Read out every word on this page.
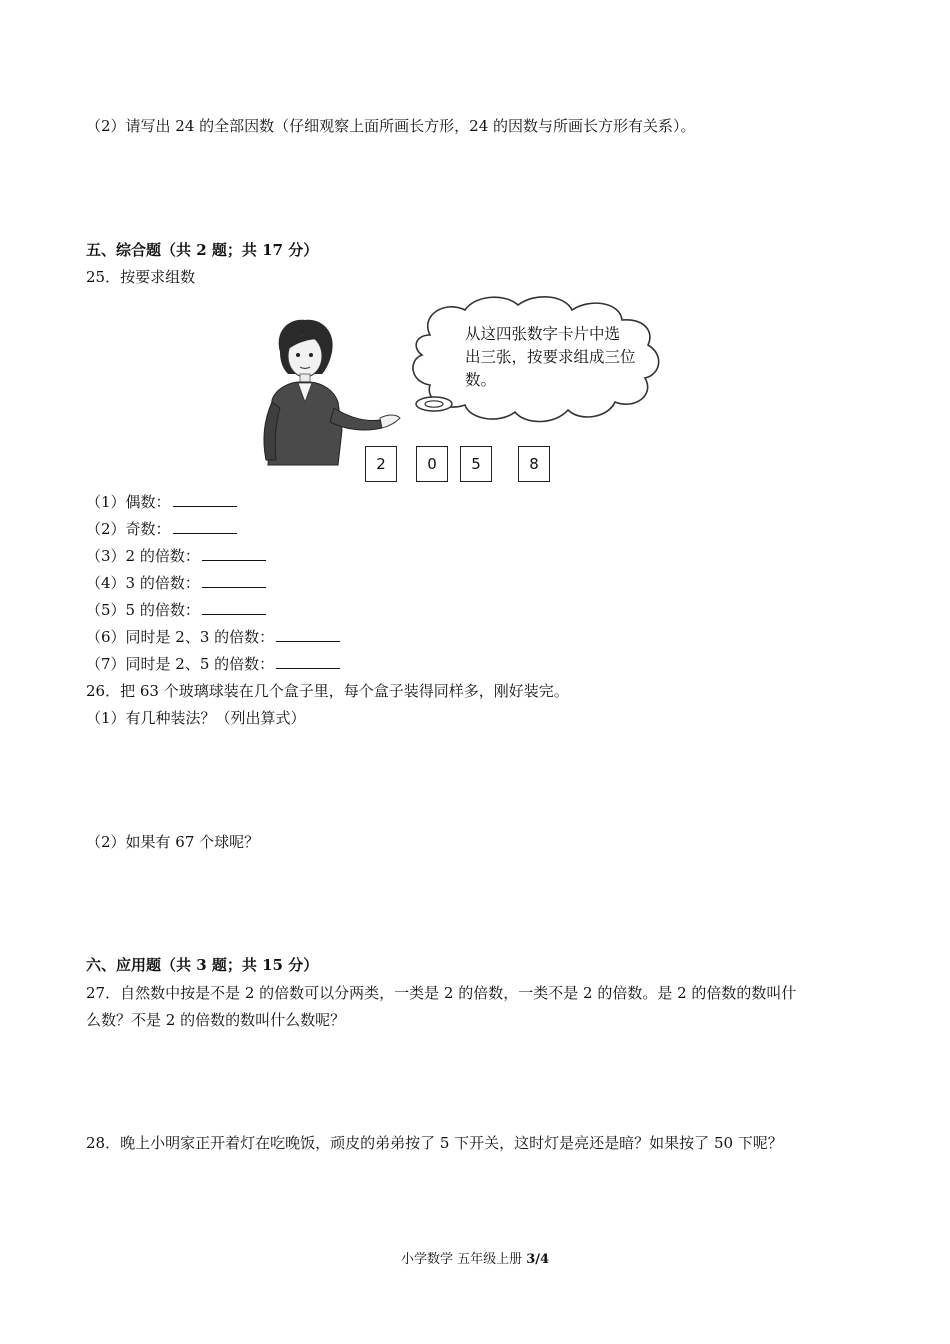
（2）请写出 24 的全部因数（仔细观察上面所画长方形，24 的因数与所画长方形有关系）。
五、综合题（共 2 题；共 17 分）
25．按要求组数
从这四张数字卡片中选
出三张，按要求组成三位
数。
2	0	5	8
（1）偶数：
（2）奇数：
（3）2 的倍数：
（4）3 的倍数：
（5）5 的倍数：
（6）同时是 2、3 的倍数：
（7）同时是 2、5 的倍数：
26．把 63 个玻璃球装在几个盒子里，每个盒子装得同样多，刚好装完。
（1）有几种装法？（列出算式）
（2）如果有 67 个球呢？
六、应用题（共 3 题；共 15 分）
27．自然数中按是不是 2 的倍数可以分两类，一类是 2 的倍数，一类不是 2 的倍数。是 2 的倍数的数叫什
么数？不是 2 的倍数的数叫什么数呢？
28．晚上小明家正开着灯在吃晚饭，顽皮的弟弟按了 5 下开关，这时灯是亮还是暗？如果按了 50 下呢？
小学数学 五年级上册 3/4
